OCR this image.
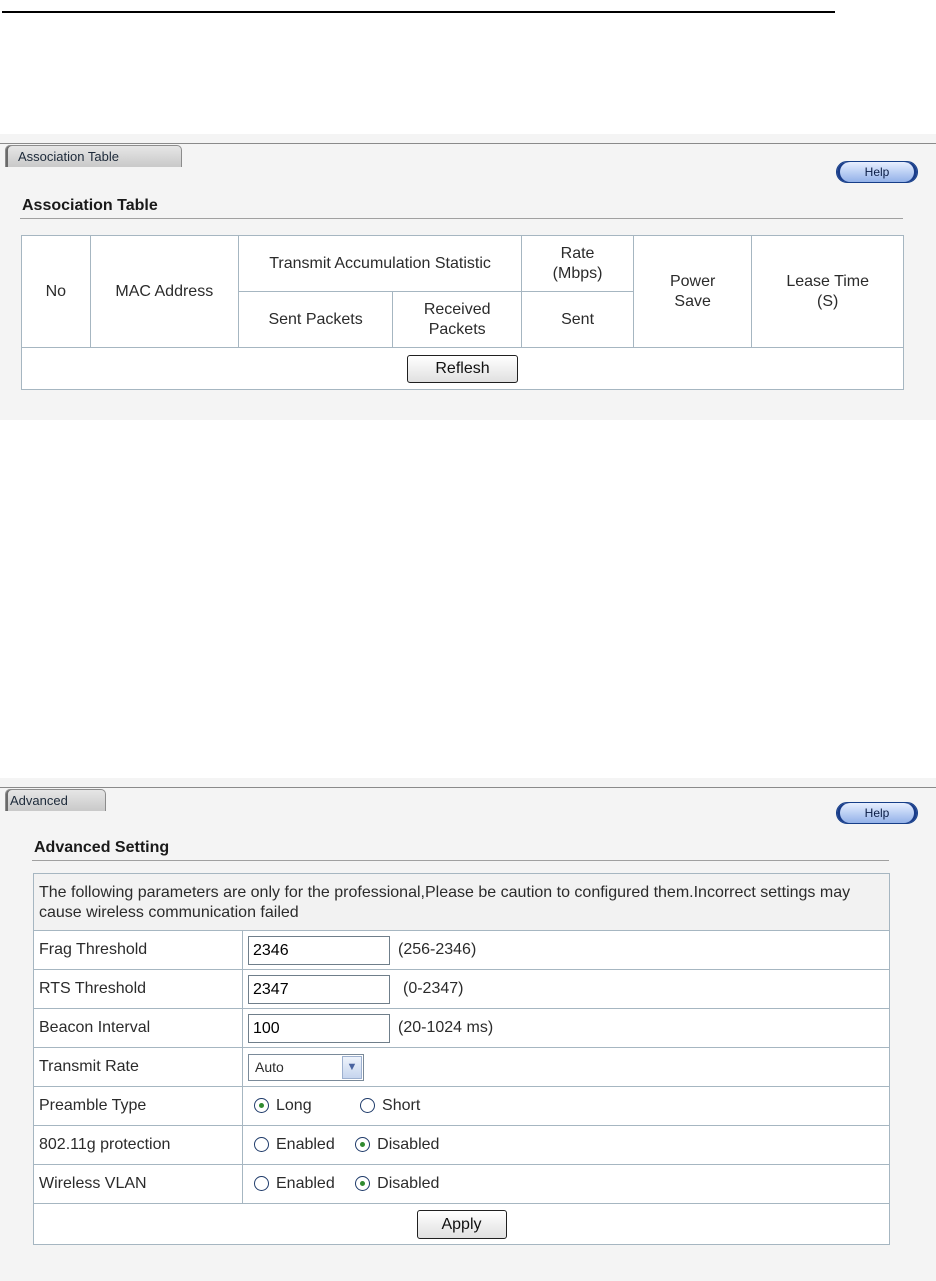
Association Table
Help
Association Table
No	MAC Address	Transmit Accumulation Statistic		Rate (Mbps)	Power Save	Lease Time (S)
		Sent Packets	Received Packets	Sent		
Reflesh						
Advanced
Help
Advanced Setting
The following parameters are only for the professional,Please be caution to configured them.Incorrect settings may cause wireless communication failed	
Frag Threshold	2346 (256-2346)
RTS Threshold	2347 (0-2347)
Beacon Interval	100 (20-1024 ms)
Transmit Rate	Auto ▼

Preamble Type	Long Short
802.11g protection	Enabled Disabled
Wireless VLAN	Enabled Disabled
Apply	
